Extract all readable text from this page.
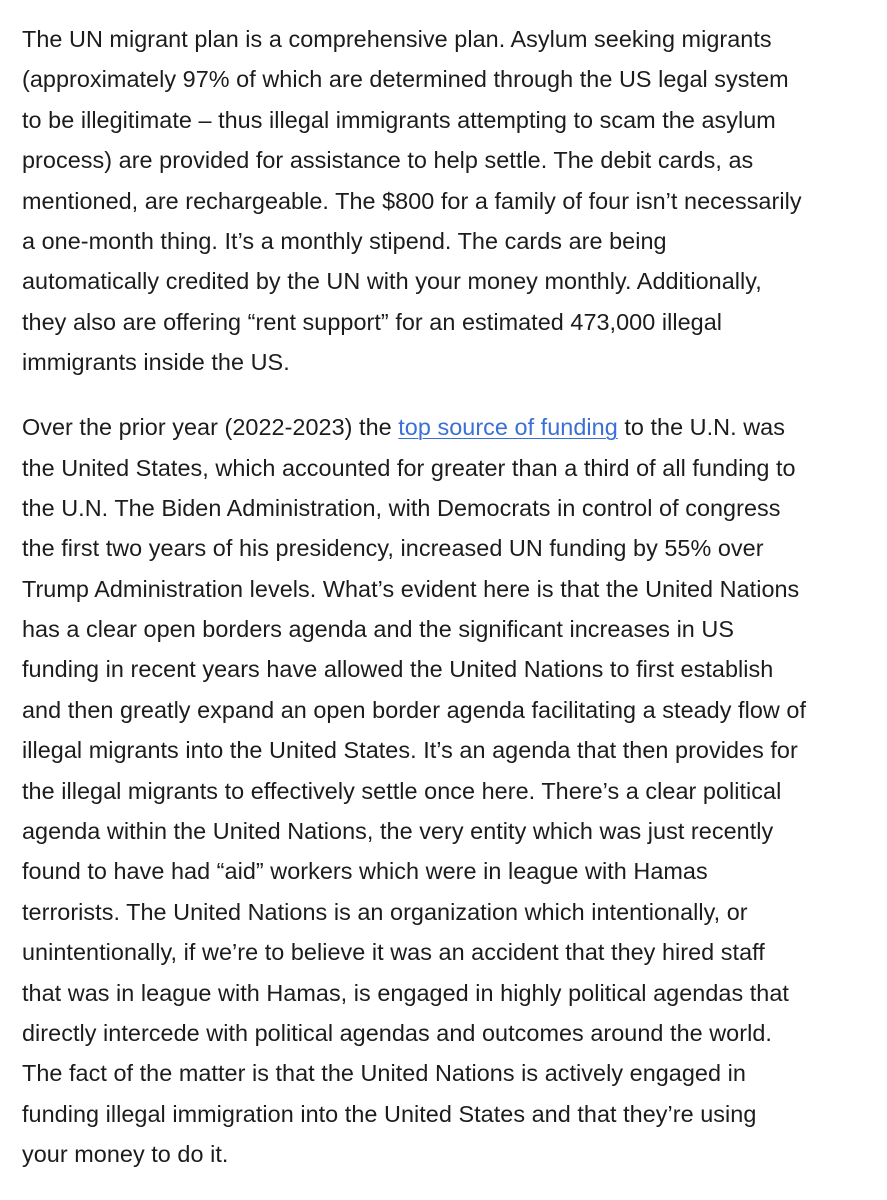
The UN migrant plan is a comprehensive plan. Asylum seeking migrants
(approximately 97% of which are determined through the US legal system
to be illegitimate – thus illegal immigrants attempting to scam the asylum
process) are provided for assistance to help settle. The debit cards, as
mentioned, are rechargeable. The $800 for a family of four isn’t necessarily
a one-month thing. It’s a monthly stipend. The cards are being
automatically credited by the UN with your money monthly. Additionally,
they also are offering “rent support” for an estimated 473,000 illegal
immigrants inside the US.

Over the prior year (2022-2023) the top source of funding to the U.N. was
the United States, which accounted for greater than a third of all funding to
the U.N. The Biden Administration, with Democrats in control of congress
the first two years of his presidency, increased UN funding by 55% over
Trump Administration levels. What’s evident here is that the United Nations
has a clear open borders agenda and the significant increases in US
funding in recent years have allowed the United Nations to first establish
and then greatly expand an open border agenda facilitating a steady flow of
illegal migrants into the United States. It’s an agenda that then provides for
the illegal migrants to effectively settle once here. There’s a clear political
agenda within the United Nations, the very entity which was just recently
found to have had “aid” workers which were in league with Hamas
terrorists. The United Nations is an organization which intentionally, or
unintentionally, if we’re to believe it was an accident that they hired staff
that was in league with Hamas, is engaged in highly political agendas that
directly intercede with political agendas and outcomes around the world.
The fact of the matter is that the United Nations is actively engaged in
funding illegal immigration into the United States and that they’re using
your money to do it.
